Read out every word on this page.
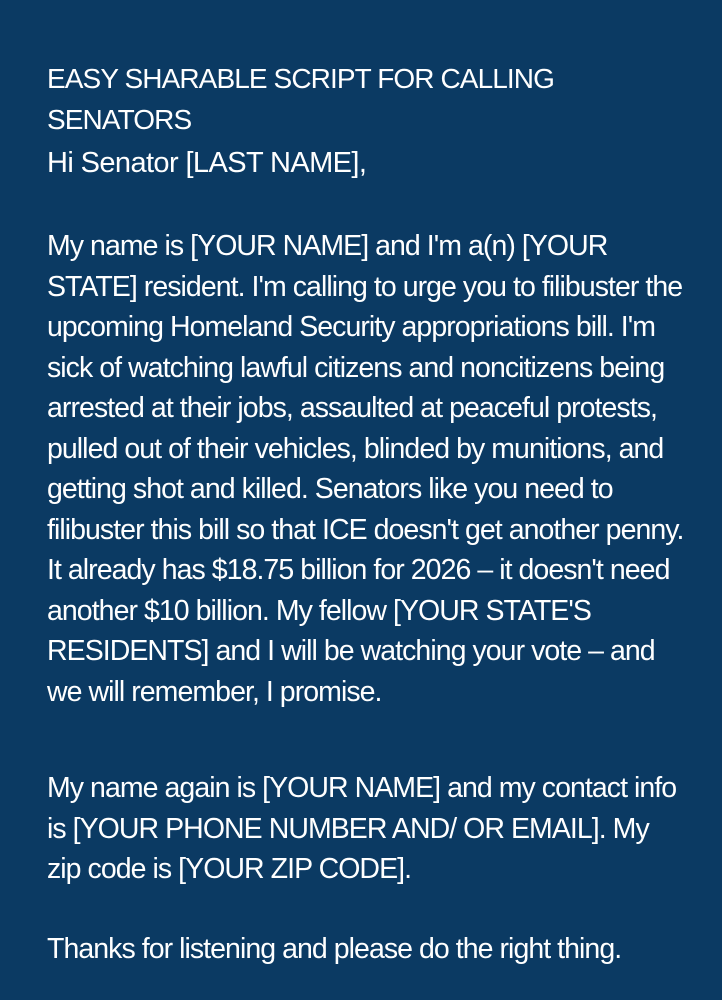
EASY SHARABLE SCRIPT FOR CALLING SENATORS

Hi Senator [LAST NAME],

My name is [YOUR NAME] and I'm a(n) [YOUR STATE] resident. I'm calling to urge you to filibuster the upcoming Homeland Security appropriations bill. I'm sick of watching lawful citizens and noncitizens being arrested at their jobs, assaulted at peaceful protests, pulled out of their vehicles, blinded by munitions, and getting shot and killed. Senators like you need to filibuster this bill so that ICE doesn't get another penny. It already has $18.75 billion for 2026 – it doesn't need another $10 billion. My fellow [YOUR STATE'S RESIDENTS] and I will be watching your vote – and we will remember, I promise.

My name again is [YOUR NAME] and my contact info is [YOUR PHONE NUMBER AND/ OR EMAIL]. My zip code is [YOUR ZIP CODE].

Thanks for listening and please do the right thing.
